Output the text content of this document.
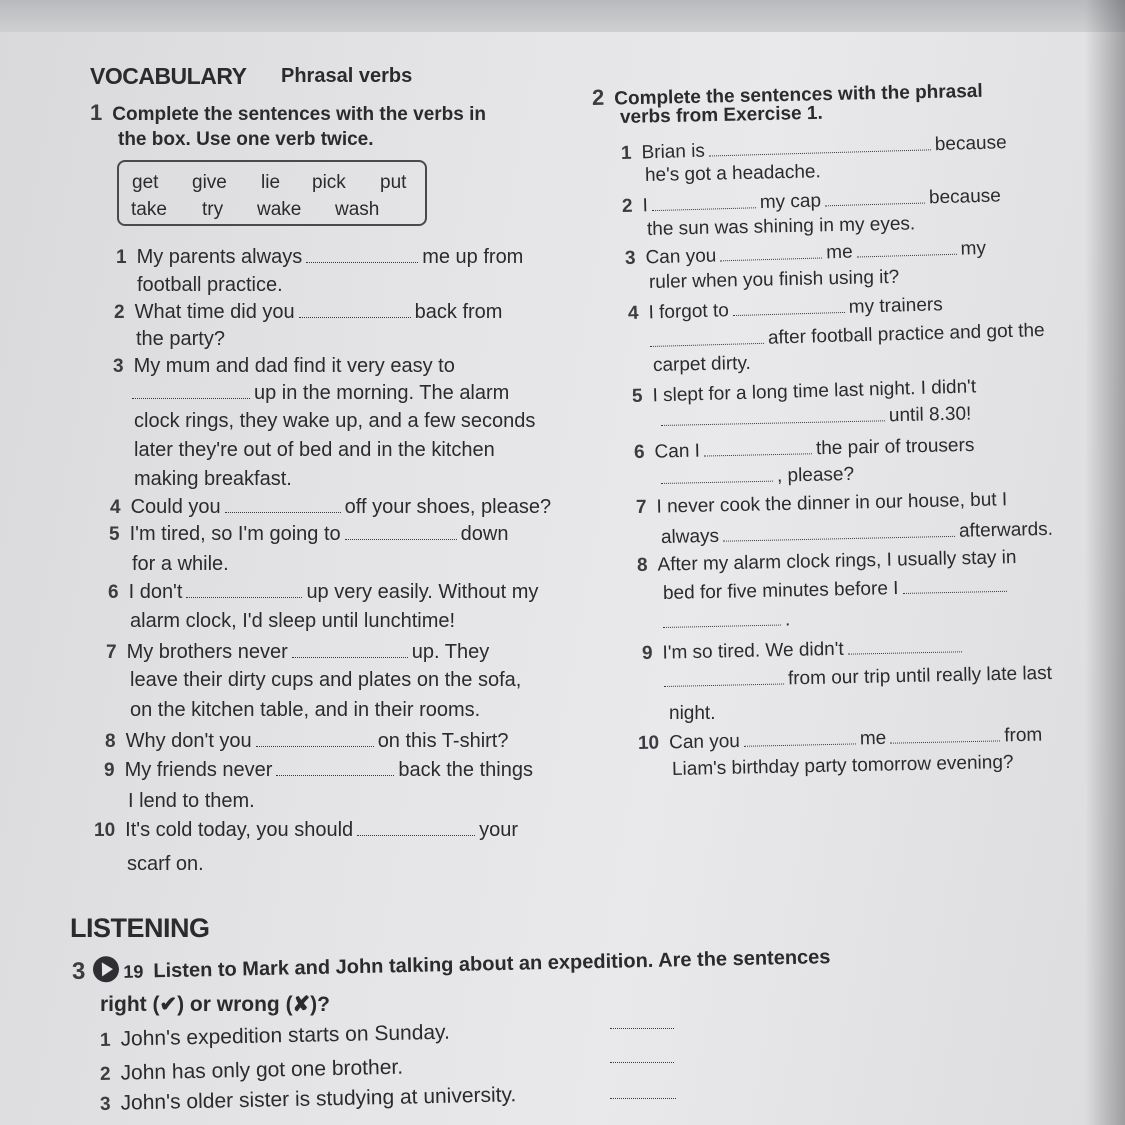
VOCABULARY Phrasal verbs
1 Complete the sentences with the verbs in
the box. Use one verb twice.
get give lie pick put
take try wake wash
1 My parents always	me up from
football practice.
2 What time did you	back from
the party?
3 My mum and dad find it very easy to
up in the morning. The alarm
clock rings, they wake up, and a few seconds
later they're out of bed and in the kitchen
making breakfast.
4 Could you	off your shoes, please?
5 I'm tired, so I'm going to	down
for a while.
6 I don't	up very easily. Without my
alarm clock, I'd sleep until lunchtime!
7 My brothers never	up. They
leave their dirty cups and plates on the sofa,
on the kitchen table, and in their rooms.
8 Why don't you	on this T-shirt?
9 My friends never	back the things
I lend to them.
10 It's cold today, you should	your
scarf on.
2 Complete the sentences with the phrasal
verbs from Exercise 1.
1 Brian is	because
he's got a headache.
2 I	my cap	because
the sun was shining in my eyes.
3 Can you	me	my
ruler when you finish using it?
4 I forgot to	my trainers
after football practice and got the
carpet dirty.
5 I slept for a long time last night. I didn't
until 8.30!
6 Can I	the pair of trousers
, please?
7 I never cook the dinner in our house, but I
always	afterwards.
8 After my alarm clock rings, I usually stay in
bed for five minutes before I
.
9 I'm so tired. We didn't
from our trip until really late last
night.
10 Can you	me	from
Liam's birthday party tomorrow evening?
LISTENING
3 19 Listen to Mark and John talking about an expedition. Are the sentences
right (✔) or wrong (✘)?
1 John's expedition starts on Sunday.
2 John has only got one brother.
3 John's older sister is studying at university.
